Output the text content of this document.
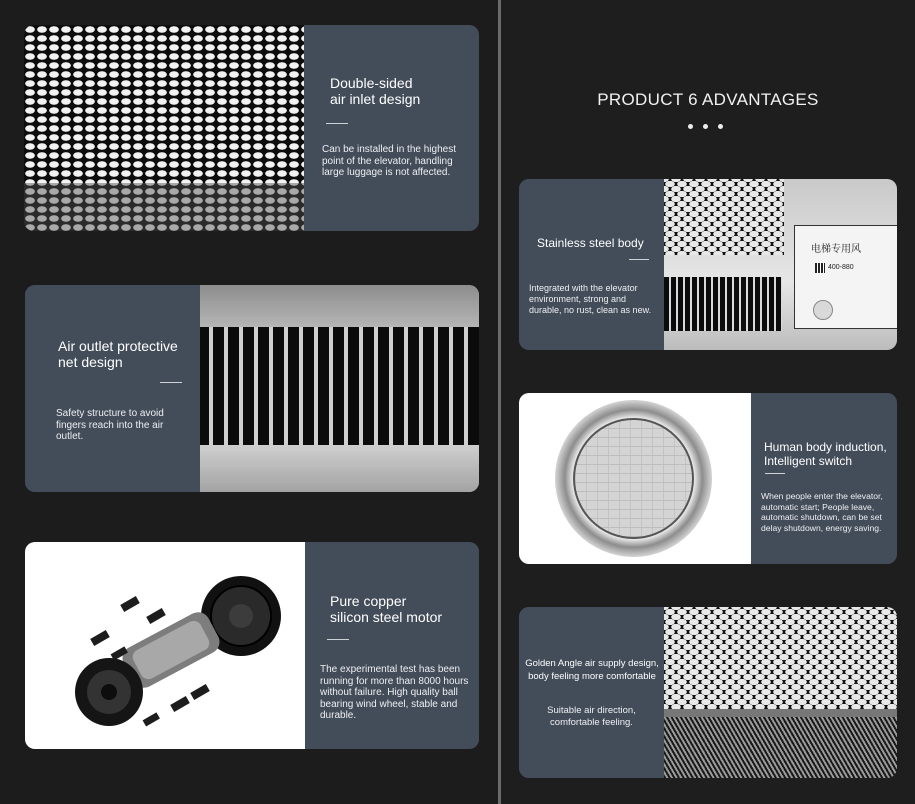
Double-sided
air inlet design
Can be installed in the highest
point of the elevator, handling
large luggage is not affected.
Air outlet protective
net design
Safety structure to avoid
fingers reach into the air
outlet.
Pure copper
silicon steel motor
The experimental test has been
running for more than 8000 hours
without failure. High quality ball
bearing wind wheel, stable and
durable.
PRODUCT 6 ADVANTAGES
Stainless steel body
Integrated with the elevator
environment, strong and
durable, no rust, clean as new.
电梯专用风
400-880
Human body induction,
Intelligent switch
When people enter the elevator,
automatic start; People leave,
automatic shutdown, can be set
delay shutdown, energy saving.
Golden Angle air supply design,
body feeling more comfortable
Suitable air direction,
comfortable feeling.
